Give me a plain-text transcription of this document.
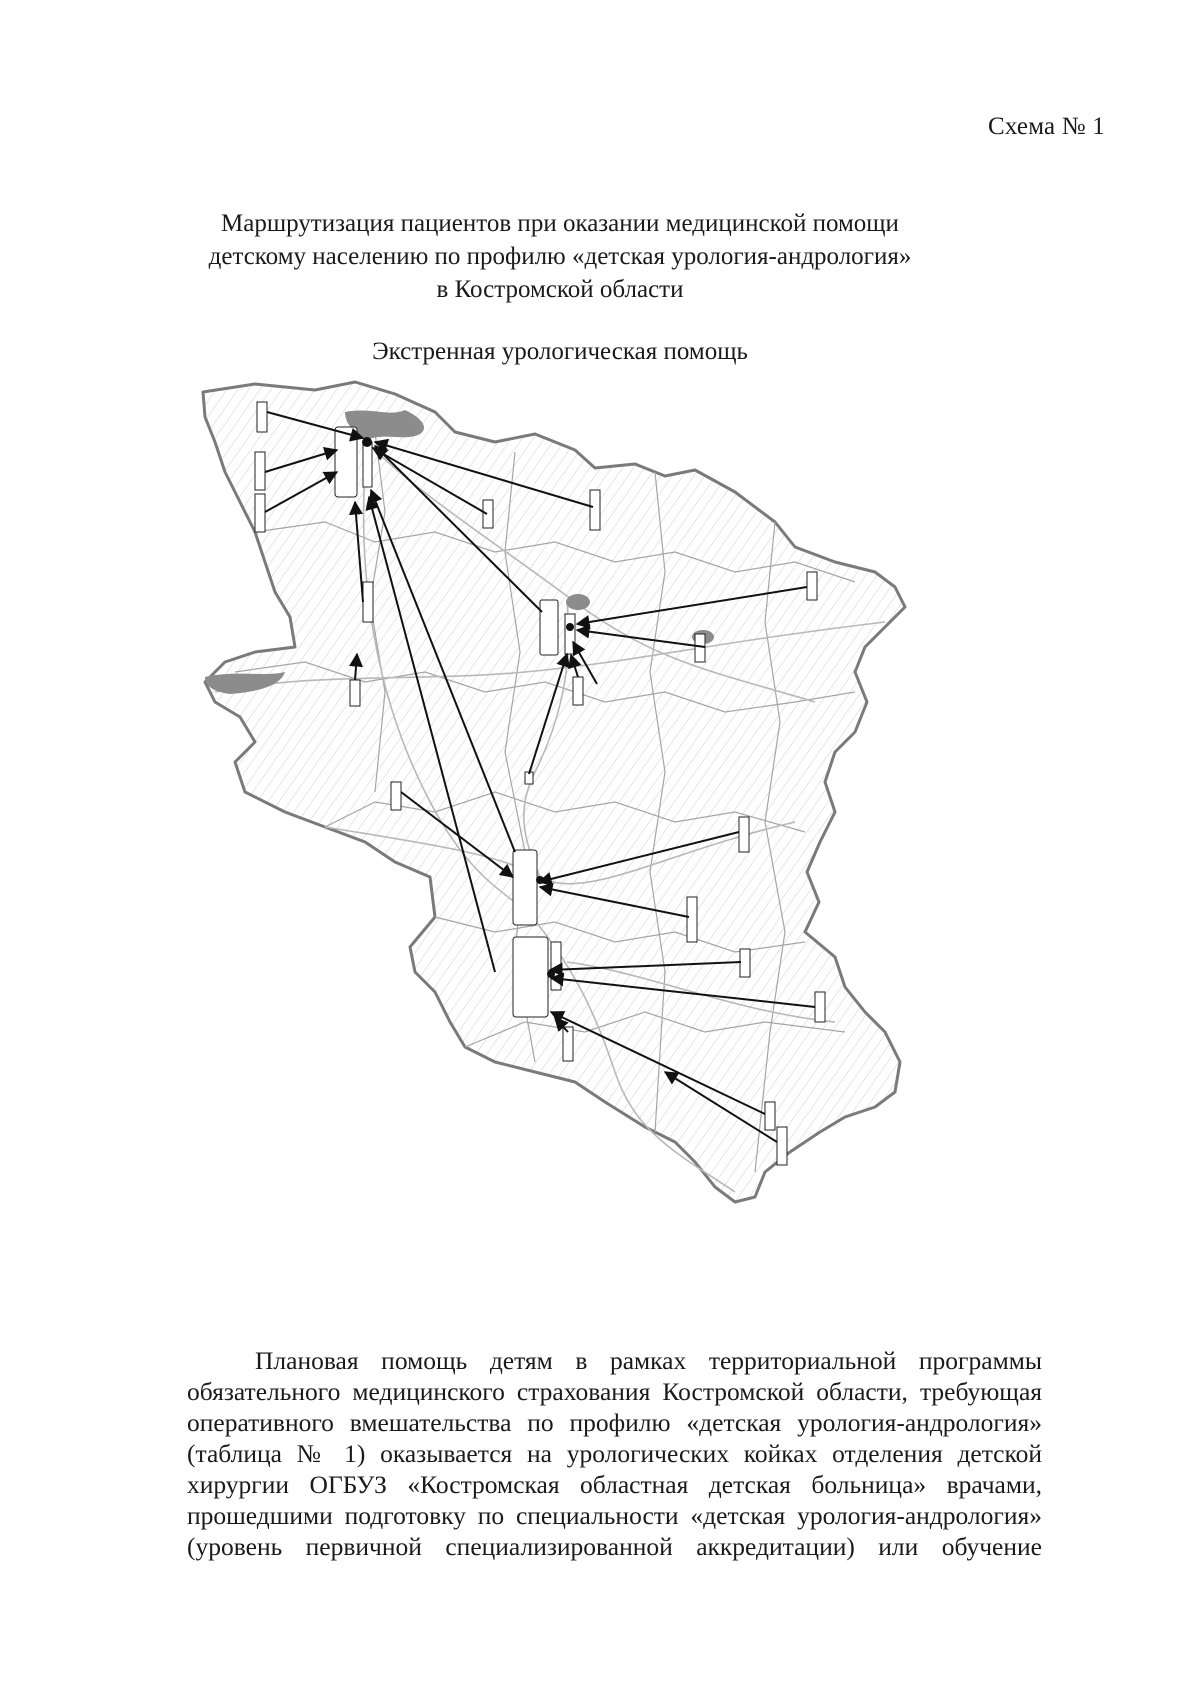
Схема № 1
Маршрутизация пациентов при оказании медицинской помощи
детскому населению по профилю «детская урология-андрология»
в Костромской области
Экстренная урологическая помощь
Плановая помощь детям в рамках территориальной программы
обязательного медицинского страхования Костромской области, требующая
оперативного вмешательства по профилю «детская урология-андрология»
(таблица № 1) оказывается на урологических койках отделения детской
хирургии ОГБУЗ «Костромская областная детская больница» врачами,
прошедшими подготовку по специальности «детская урология-андрология»
(уровень первичной специализированной аккредитации) или обучение
